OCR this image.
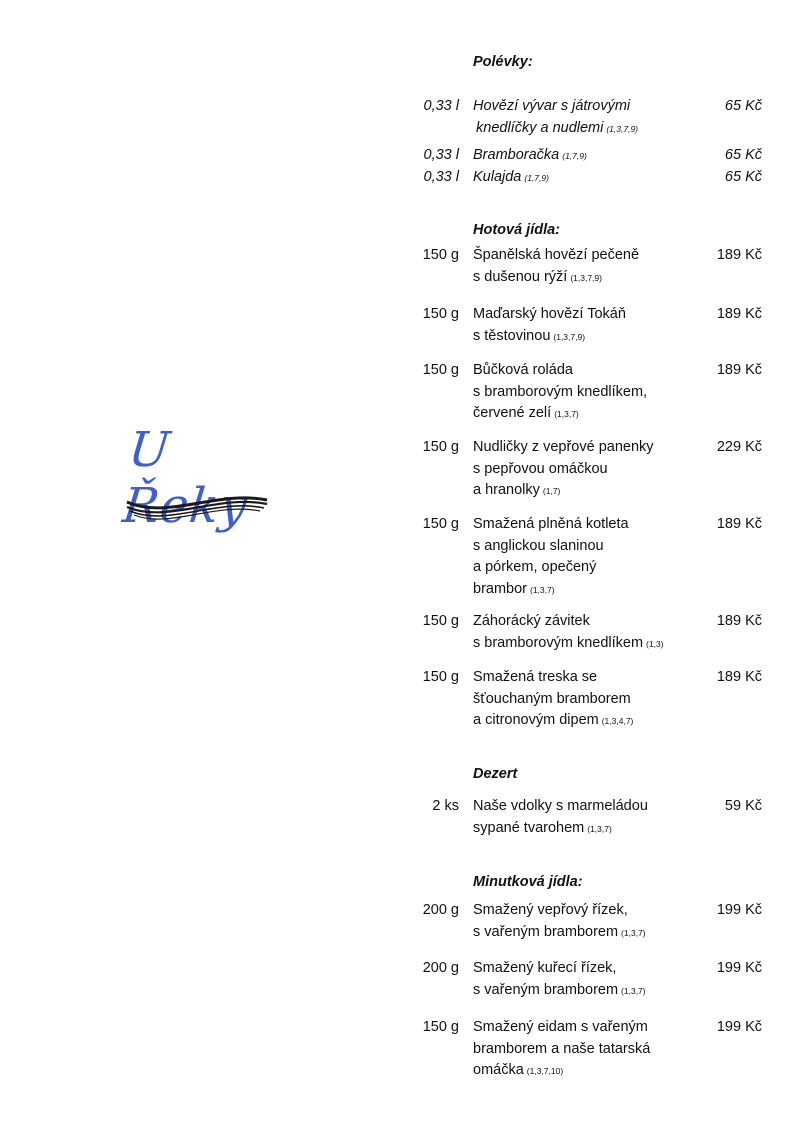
U Řeky
Polévky:
0,33 l Hovězí vývar s játrovými
knedlíčky a nudlemi (1,3,7,9)
65 Kč
0,33 l Bramboračka (1,7,9)	65 Kč
0,33 l Kulajda (1,7,9)	65 Kč
Hotová jídla:
150 g Španělská hovězí pečeně
s dušenou rýží (1,3,7,9)
189 Kč
150 g Maďarský hovězí Tokáň
s těstovinou (1,3,7,9)
189 Kč
150 g Bůčková roláda
s bramborovým knedlíkem,
červené zelí (1,3,7)
189 Kč
150 g Nudličky z vepřové panenky
s pepřovou omáčkou
a hranolky (1,7)
229 Kč
150 g Smažená plněná kotleta
s anglickou slaninou
a pórkem, opečený
brambor (1,3,7)
189 Kč
150 g Záhorácký závitek
s bramborovým knedlíkem (1,3)
189 Kč
150 g Smažená treska se
šťouchaným bramborem
a citronovým dipem (1,3,4,7)
189 Kč
Dezert
2 ks Naše vdolky s marmeládou
sypané tvarohem (1,3,7)
59 Kč
Minutková jídla:
200 g Smažený vepřový řízek,
s vařeným bramborem (1,3,7)
199 Kč
200 g Smažený kuřecí řízek,
s vařeným bramborem (1,3,7)
199 Kč
150 g Smažený eidam s vařeným
bramborem a naše tatarská
omáčka (1,3,7,10)
199 Kč
